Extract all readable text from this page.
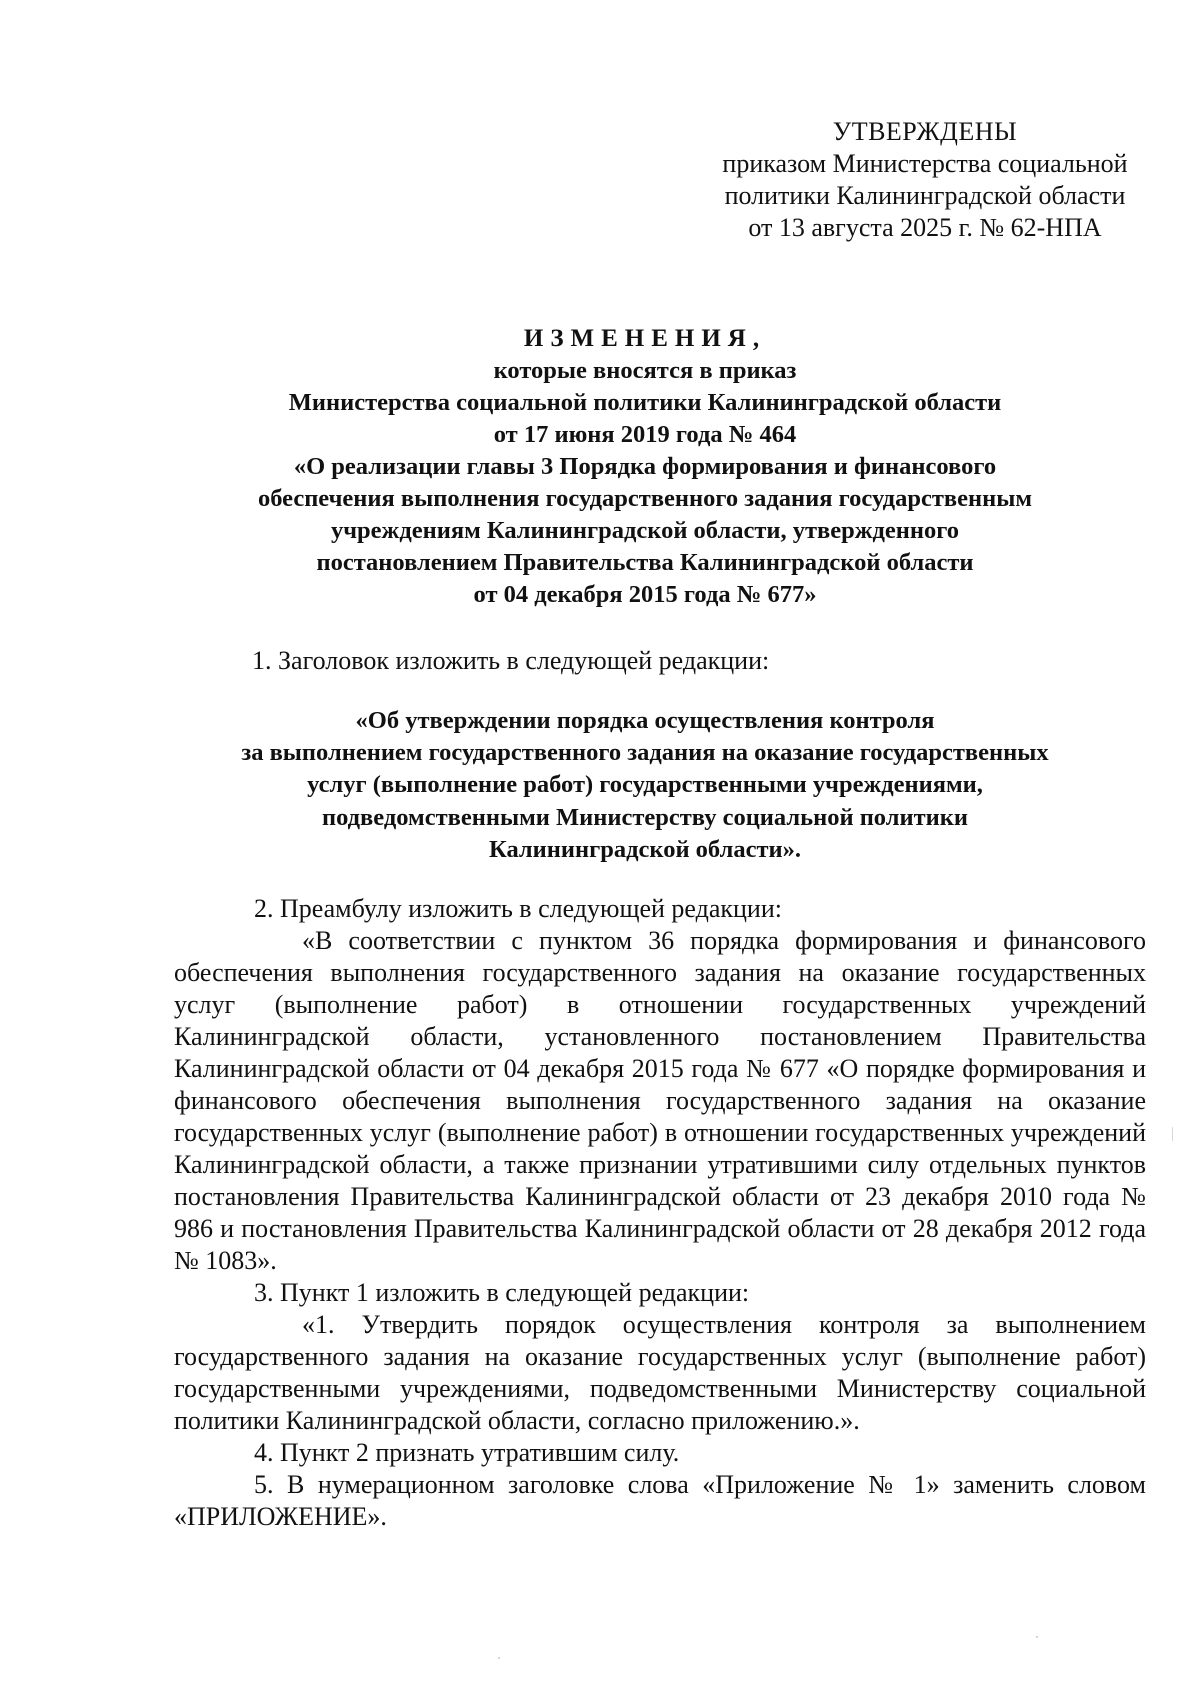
УТВЕРЖДЕНЫ
приказом Министерства социальной
политики Калининградской области
от 13 августа 2025 г. № 62-НПА
ИЗМЕНЕНИЯ,
которые вносятся в приказ
Министерства социальной политики Калининградской области
от 17 июня 2019 года № 464
«О реализации главы 3 Порядка формирования и финансового
обеспечения выполнения государственного задания государственным
учреждениям Калининградской области, утвержденного
постановлением Правительства Калининградской области
от 04 декабря 2015 года № 677»
1. Заголовок изложить в следующей редакции:
«Об утверждении порядка осуществления контроля
за выполнением государственного задания на оказание государственных
услуг (выполнение работ) государственными учреждениями,
подведомственными Министерству социальной политики
Калининградской области».

2. Преамбулу изложить в следующей редакции:

«В соответствии с пунктом 36 порядка формирования и финансового обеспечения выполнения государственного задания на оказание государственных услуг (выполнение работ) в отношении государственных учреждений Калининградской области, установленного постановлением Правительства Калининградской области от 04 декабря 2015 года № 677 «О порядке формирования и финансового обеспечения выполнения государственного задания на оказание государственных услуг (выполнение работ) в отношении государственных учреждений Калининградской области, а также признании утратившими силу отдельных пунктов постановления Правительства Калининградской области от 23 декабря 2010 года № 986 и постановления Правительства Калининградской области от 28 декабря 2012 года № 1083».

3. Пункт 1 изложить в следующей редакции:

«1. Утвердить порядок осуществления контроля за выполнением государственного задания на оказание государственных услуг (выполнение работ) государственными учреждениями, подведомственными Министерству социальной политики Калининградской области, согласно приложению.».

4. Пункт 2 признать утратившим силу.

5. В нумерационном заголовке слова «Приложение № 1» заменить словом «ПРИЛОЖЕНИЕ».
